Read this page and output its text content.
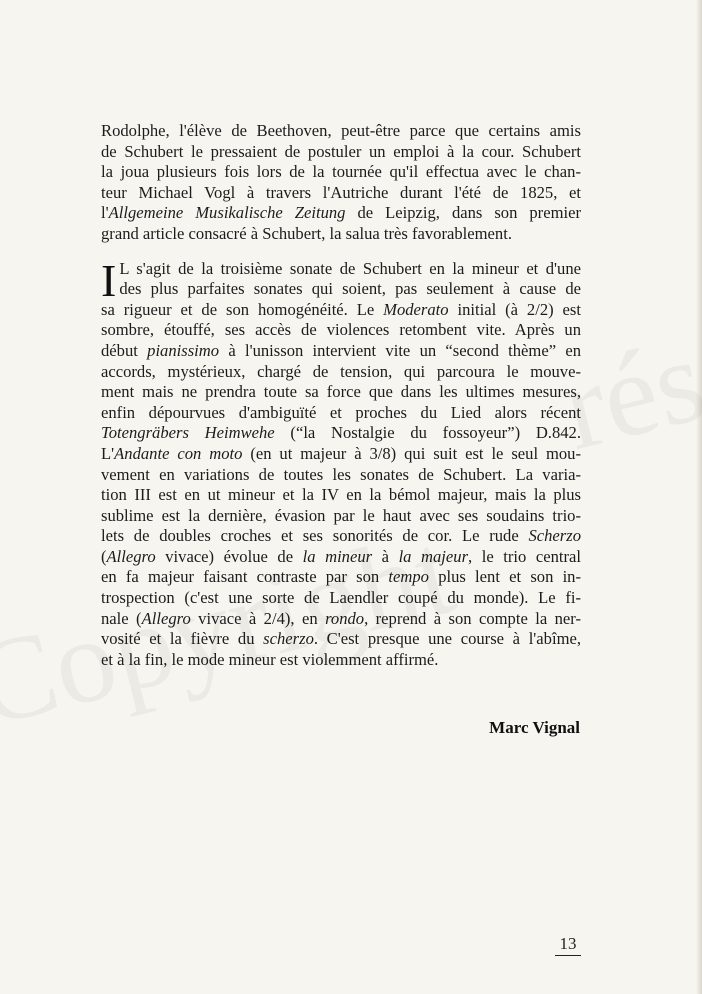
Rodolphe, l'élève de Beethoven, peut-être parce que certains amis
de Schubert le pressaient de postuler un emploi à la cour. Schubert
la joua plusieurs fois lors de la tournée qu'il effectua avec le chan-
teur Michael Vogl à travers l'Autriche durant l'été de 1825, et
l'Allgemeine Musikalische Zeitung de Leipzig, dans son premier
grand article consacré à Schubert, la salua très favorablement.

I L s'agit de la troisième sonate de Schubert en la mineur et d'une
des plus parfaites sonates qui soient, pas seulement à cause de
sa rigueur et de son homogénéité. Le Moderato initial (à 2/2) est
sombre, étouffé, ses accès de violences retombent vite. Après un
début pianissimo à l'unisson intervient vite un “second thème” en
accords, mystérieux, chargé de tension, qui parcoura le mouve-
ment mais ne prendra toute sa force que dans les ultimes mesures,
enfin dépourvues d'ambiguïté et proches du Lied alors récent
Totengräbers Heimwehe (“la Nostalgie du fossoyeur”) D.842.
L'Andante con moto (en ut majeur à 3/8) qui suit est le seul mou-
vement en variations de toutes les sonates de Schubert. La varia-
tion III est en ut mineur et la IV en la bémol majeur, mais la plus
sublime est la dernière, évasion par le haut avec ses soudains trio-
lets de doubles croches et ses sonorités de cor. Le rude Scherzo
(Allegro vivace) évolue de la mineur à la majeur, le trio central
en fa majeur faisant contraste par son tempo plus lent et son in-
trospection (c'est une sorte de Laendler coupé du monde). Le fi-
nale (Allegro vivace à 2/4), en rondo, reprend à son compte la ner-
vosité et la fièvre du scherzo. C'est presque une course à l'abîme,
et à la fin, le mode mineur est violemment affirmé.

Marc Vignal
13
